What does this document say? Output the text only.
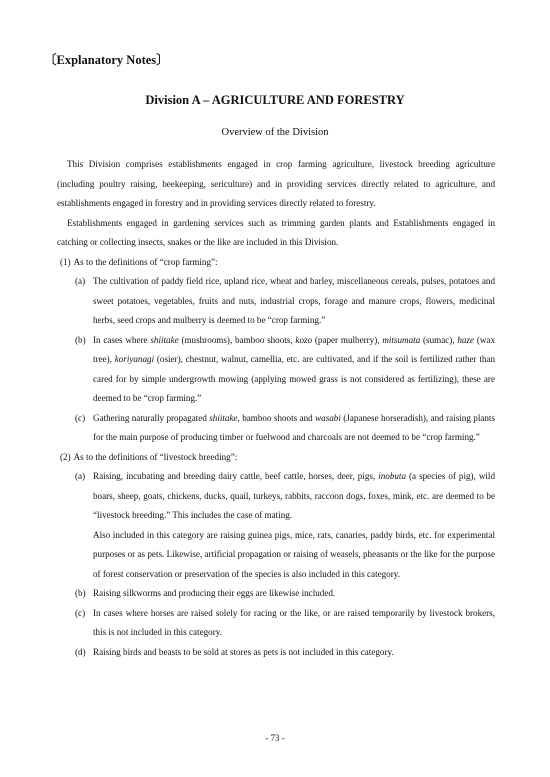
〔Explanatory Notes〕
Division A – AGRICULTURE AND FORESTRY
Overview of the Division

This Division comprises establishments engaged in crop farming agriculture, livestock breeding agriculture (including poultry raising, beekeeping, sericulture) and in providing services directly related to agriculture, and establishments engaged in forestry and in providing services directly related to forestry.

Establishments engaged in gardening services such as trimming garden plants and Establishments engaged in catching or collecting insects, snakes or the like are included in this Division.

(1) As to the definitions of “crop farming”:
(a) The cultivation of paddy field rice, upland rice, wheat and barley, miscellaneous cereals, pulses, potatoes and sweet potatoes, vegetables, fruits and nuts, industrial crops, forage and manure crops, flowers, medicinal herbs, seed crops and mulberry is deemed to be “crop farming.”
(b) In cases where shiitake (mushrooms), bamboo shoots, kozo (paper mulberry), mitsumata (sumac), haze (wax tree), koriyanagi (osier), chestnut, walnut, camellia, etc. are cultivated, and if the soil is fertilized rather than cared for by simple undergrowth mowing (applying mowed grass is not considered as fertilizing), these are deemed to be “crop farming.”
(c) Gathering naturally propagated shiitake, bamboo shoots and wasabi (Japanese horseradish), and raising plants for the main purpose of producing timber or fuelwood and charcoals are not deemed to be “crop farming.”
(2) As to the definitions of “livestock breeding”:
(a) Raising, incubating and breeding dairy cattle, beef cattle, horses, deer, pigs, inobuta (a species of pig), wild boars, sheep, goats, chickens, ducks, quail, turkeys, rabbits, raccoon dogs, foxes, mink, etc. are deemed to be “livestock breeding.” This includes the case of mating.

Also included in this category are raising guinea pigs, mice, rats, canaries, paddy birds, etc. for experimental purposes or as pets. Likewise, artificial propagation or raising of weasels, pheasants or the like for the purpose of forest conservation or preservation of the species is also included in this category.

(b) Raising silkworms and producing their eggs are likewise included.
(c) In cases where horses are raised solely for racing or the like, or are raised temporarily by livestock brokers, this is not included in this category.
(d) Raising birds and beasts to be sold at stores as pets is not included in this category.
- 73 -
